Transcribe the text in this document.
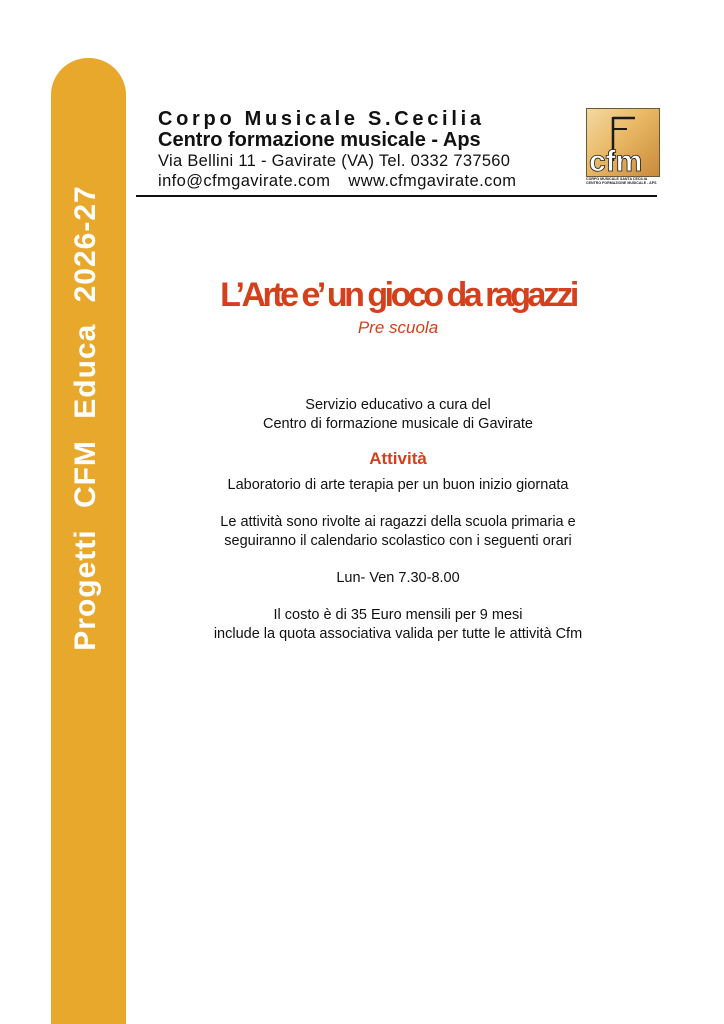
Progetti CFM Educa 2026-27
Corpo Musicale S.Cecilia
Centro formazione musicale - Aps
Via Bellini 11 - Gavirate (VA) Tel. 0332 737560
info@cfmgavirate.com www.cfmgavirate.com
cfm
CORPO MUSICALE SANTA CECILIA
CENTRO FORMAZIONE MUSICALE - APS
L’Arte e’ un gioco da ragazzi
Pre scuola

Servizio educativo a cura del

Centro di formazione musicale di Gavirate

Attività

Laboratorio di arte terapia per un buon inizio giornata

Le attività sono rivolte ai ragazzi della scuola primaria e

seguiranno il calendario scolastico con i seguenti orari

Lun- Ven 7.30-8.00

Il costo è di 35 Euro mensili per 9 mesi

include la quota associativa valida per tutte le attività Cfm
